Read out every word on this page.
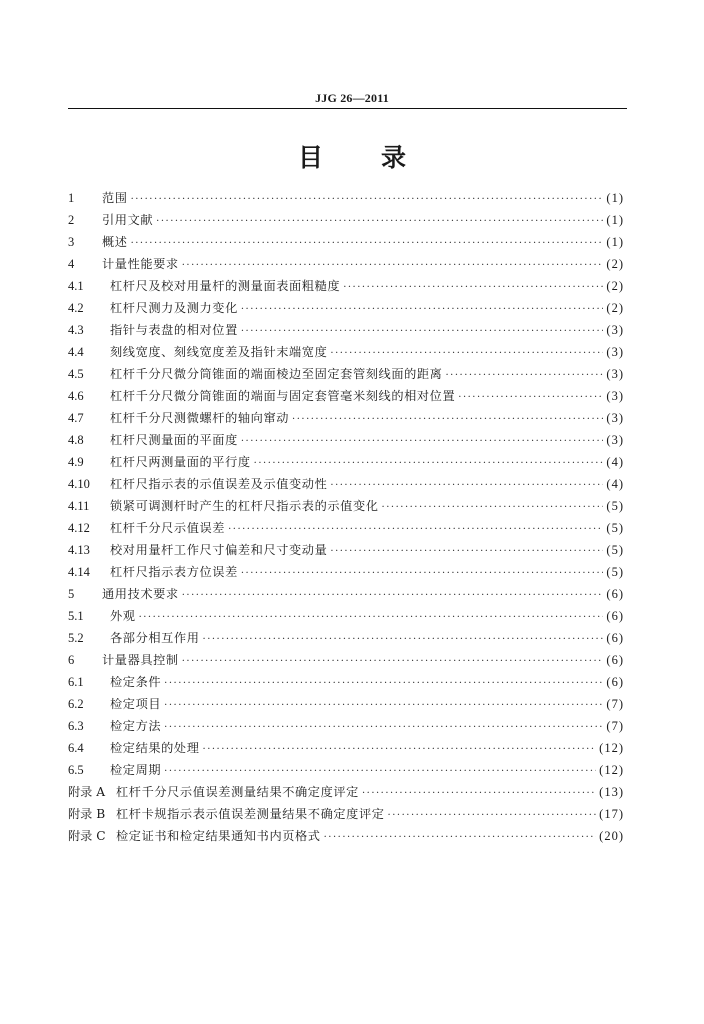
JJG 26—2011
目录
1	范围 ·····	(1)
2	引用文献 ·····	(1)
3	概述 ·····	(1)
4	计量性能要求 ·····	(2)
4.1	杠杆尺及校对用量杆的测量面表面粗糙度 ·····	(2)
4.2	杠杆尺测力及测力变化 ·····	(2)
4.3	指针与表盘的相对位置 ·····	(3)
4.4	刻线宽度、刻线宽度差及指针末端宽度 ·····	(3)
4.5	杠杆千分尺微分筒锥面的端面棱边至固定套管刻线面的距离 ·····	(3)
4.6	杠杆千分尺微分筒锥面的端面与固定套管毫米刻线的相对位置 ·····	(3)
4.7	杠杆千分尺测微螺杆的轴向窜动 ·····	(3)
4.8	杠杆尺测量面的平面度 ·····	(3)
4.9	杠杆尺两测量面的平行度 ·····	(4)
4.10	杠杆尺指示表的示值误差及示值变动性 ·····	(4)
4.11	锁紧可调测杆时产生的杠杆尺指示表的示值变化 ·····	(5)
4.12	杠杆千分尺示值误差 ·····	(5)
4.13	校对用量杆工作尺寸偏差和尺寸变动量 ·····	(5)
4.14	杠杆尺指示表方位误差 ·····	(5)
5	通用技术要求 ·····	(6)
5.1	外观 ·····	(6)
5.2	各部分相互作用 ·····	(6)
6	计量器具控制 ·····	(6)
6.1	检定条件 ·····	(6)
6.2	检定项目 ·····	(7)
6.3	检定方法 ·····	(7)
6.4	检定结果的处理 ·····	(12)
6.5	检定周期 ·····	(12)
附录 A 杠杆千分尺示值误差测量结果不确定度评定 ·····	(13)
附录 B 杠杆卡规指示表示值误差测量结果不确定度评定 ·····	(17)
附录 C 检定证书和检定结果通知书内页格式 ·····	(20)
